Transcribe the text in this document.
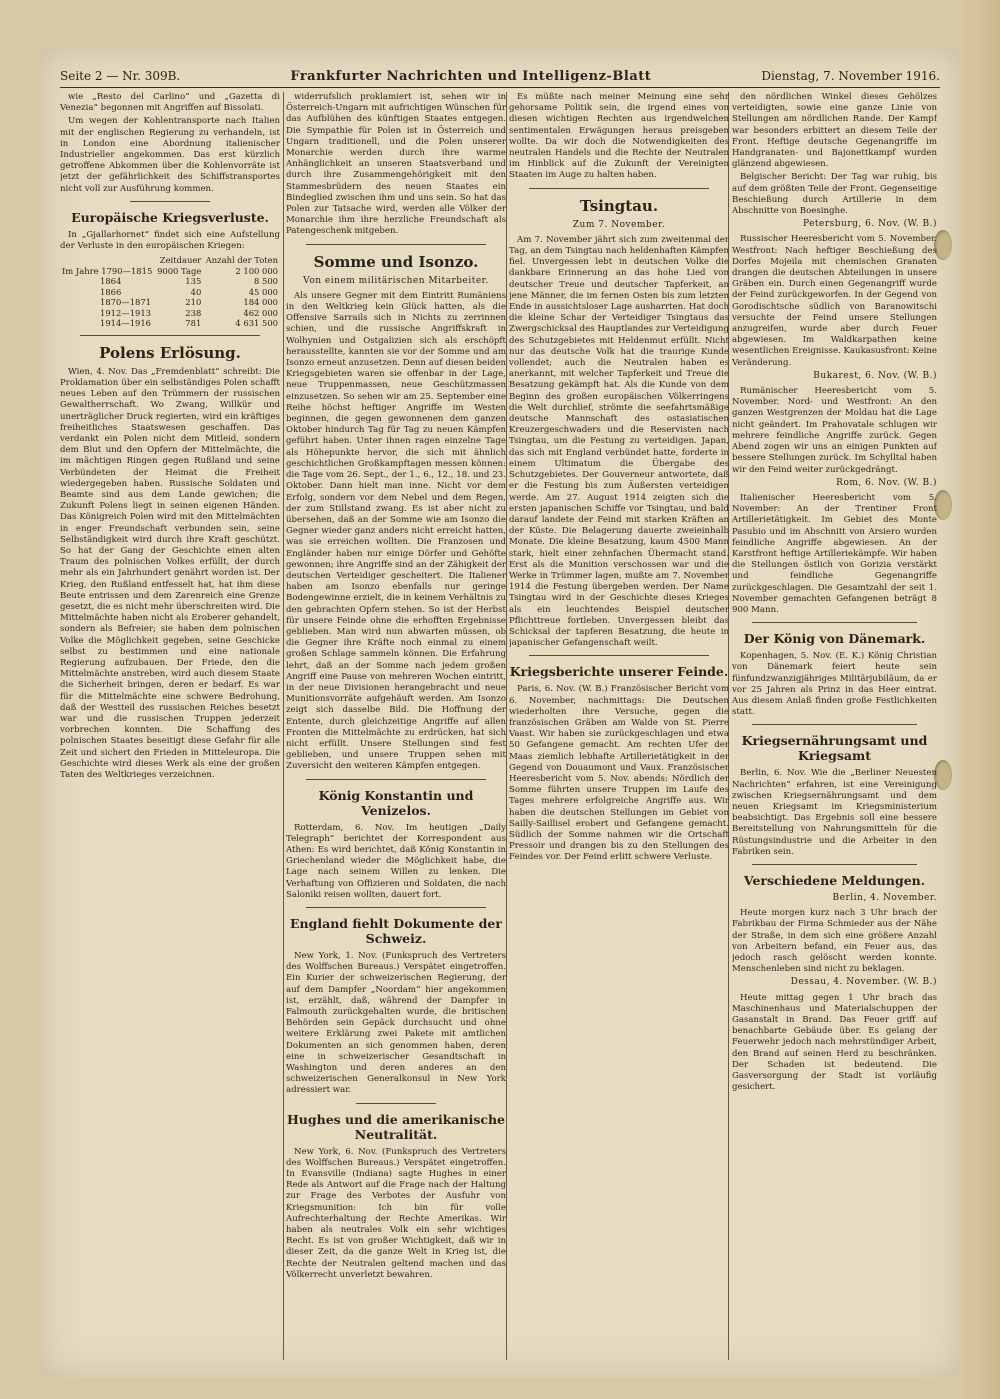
Seite 2 — Nr. 309B.	Frankfurter Nachrichten und Intelligenz-Blatt	Dienstag, 7. November 1916.

wie „Resto del Carlino“ und „Gazetta di Venezia“ begonnen mit Angriffen auf Bissolati.

Um wegen der Kohlentransporte nach Italien mit der englischen Regierung zu verhandeln, ist in London eine Abordnung italienischer Industrieller angekommen. Das erst kürzlich getroffene Abkommen über die Kohlenvorräte ist jetzt der gefährlichkeit des Schiffstransportes nicht voll zur Ausführung kommen.

Europäische Kriegsverluste.

In „Gjallarhornet“ findet sich eine Aufstellung der Verluste in den europäischen Kriegen:

	Zeitdauer	Anzahl der Toten
Im Jahre 1790—1815	9000 Tage	2 100 000
1864	135	8 500
1866	40	45 000
1870—1871	210	184 000
1912—1913	238	462 000
1914—1916	781	4 631 500
Polens Erlösung.

Wien, 4. Nov. Das „Fremdenblatt“ schreibt: Die Proklamation über ein selbständiges Polen schafft neues Leben auf den Trümmern der russischen Gewaltherrschaft. Wo Zwang, Willkür und unerträglicher Druck regierten, wird ein kräftiges freiheitliches Staatswesen geschaffen. Das verdankt ein Polen nicht dem Mitleid, sondern dem Blut und den Opfern der Mittelmächte, die im mächtigen Ringen gegen Rußland und seine Verbündeten der Heimat die Freiheit wiedergegeben haben. Russische Soldaten und Beamte sind aus dem Lande gewichen; die Zukunft Polens liegt in seinen eigenen Händen. Das Königreich Polen wird mit den Mittelmächten in enger Freundschaft verbunden sein, seine Selbständigkeit wird durch ihre Kraft geschützt. So hat der Gang der Geschichte einen alten Traum des polnischen Volkes erfüllt, der durch mehr als ein Jahrhundert genährt worden ist. Der Krieg, den Rußland entfesselt hat, hat ihm diese Beute entrissen und dem Zarenreich eine Grenze gesetzt, die es nicht mehr überschreiten wird. Die Mittelmächte haben nicht als Eroberer gehandelt, sondern als Befreier; sie haben dem polnischen Volke die Möglichkeit gegeben, seine Geschicke selbst zu bestimmen und eine nationale Regierung aufzubauen. Der Friede, den die Mittelmächte anstreben, wird auch diesem Staate die Sicherheit bringen, deren er bedarf. Es war für die Mittelmächte eine schwere Bedrohung, daß der Westteil des russischen Reiches besetzt war und die russischen Truppen jederzeit vorbrechen konnten. Die Schaffung des polnischen Staates beseitigt diese Gefahr für alle Zeit und sichert den Frieden in Mitteleuropa. Die Geschichte wird dieses Werk als eine der großen Taten des Weltkrieges verzeichnen.

widerrufslich proklamiert ist, sehen wir in Österreich-Ungarn mit aufrichtigen Wünschen für das Aufblühen des künftigen Staates entgegen. Die Sympathie für Polen ist in Österreich und Ungarn traditionell, und die Polen unserer Monarchie werden durch ihre warme Anhänglichkeit an unseren Staatsverband und durch ihre Zusammengehörigkeit mit den Stammesbrüdern des neuen Staates ein Bindeglied zwischen ihm und uns sein. So hat das Polen zur Tatsache wird, werden alle Völker der Monarchie ihm ihre herzliche Freundschaft als Patengeschenk mitgeben.

Somme und Isonzo.
Von einem militärischen Mitarbeiter.

Als unsere Gegner mit dem Eintritt Rumäniens in den Weltkrieg kein Glück hatten, als die Offensive Sarrails sich in Nichts zu zerrinnen schien, und die russische Angriffskraft in Wolhynien und Ostgalizien sich als erschöpft herausstellte, kannten sie vor der Somme und am Isonzo erneut anzusetzen. Denn auf diesen beiden Kriegsgebieten waren sie offenbar in der Lage, neue Truppenmassen, neue Geschützmassen einzusetzen. So sehen wir am 25. September eine Reihe höchst heftiger Angriffe im Westen beginnen, die gegen gewonnenen dem ganzen Oktober hindurch Tag für Tag zu neuen Kämpfen geführt haben. Unter ihnen ragen einzelne Tage als Höhepunkte hervor, die sich mit ähnlich geschichtlichen Großkampftagen messen können: die Tage vom 26. Sept., der 1., 6., 12., 18. und 23. Oktober. Dann hielt man inne. Nicht vor dem Erfolg, sondern vor dem Nebel und dem Regen, der zum Stillstand zwang. Es ist aber nicht zu übersehen, daß an der Somme wie am Isonzo die Gegner wieder ganz anders nicht erreicht hatten, was sie erreichen wollten. Die Franzosen und Engländer haben nur einige Dörfer und Gehöfte gewonnen; ihre Angriffe sind an der Zähigkeit der deutschen Verteidiger gescheitert. Die Italiener haben am Isonzo ebenfalls nur geringe Bodengewinne erzielt, die in keinem Verhältnis zu den gebrachten Opfern stehen. So ist der Herbst für unsere Feinde ohne die erhofften Ergebnisse geblieben. Man wird nun abwarten müssen, ob die Gegner ihre Kräfte noch einmal zu einem großen Schlage sammeln können. Die Erfahrung lehrt, daß an der Somme nach jedem großen Angriff eine Pause von mehreren Wochen eintritt, in der neue Divisionen herangebracht und neue Munitionsvorräte aufgehäuft werden. Am Isonzo zeigt sich dasselbe Bild. Die Hoffnung der Entente, durch gleichzeitige Angriffe auf allen Fronten die Mittelmächte zu erdrücken, hat sich nicht erfüllt. Unsere Stellungen sind fest geblieben, und unsere Truppen sehen mit Zuversicht den weiteren Kämpfen entgegen.

König Konstantin und Venizelos.

Rotterdam, 6. Nov. Im heutigen „Daily Telegraph“ berichtet der Korrespondent aus Athen: Es wird berichtet, daß König Konstantin in Griechenland wieder die Möglichkeit habe, die Lage nach seinem Willen zu lenken. Die Verhaftung von Offizieren und Soldaten, die nach Saloniki reisen wollten, dauert fort.

England fiehlt Dokumente der Schweiz.

New York, 1. Nov. (Funkspruch des Vertreters des Wolffschen Bureaus.) Verspätet eingetroffen. Ein Kurier der schweizerischen Regierung, der auf dem Dampfer „Noordam“ hier angekommen ist, erzählt, daß, während der Dampfer in Falmouth zurückgehalten wurde, die britischen Behörden sein Gepäck durchsucht und ohne weitere Erklärung zwei Pakete mit amtlichen Dokumenten an sich genommen haben, deren eine in schweizerischer Gesandtschaft in Washington und deren anderes an den schweizerischen Generalkonsul in New York adressiert war.

Hughes und die amerikanische Neutralität.

New York, 6. Nov. (Funkspruch des Vertreters des Wolffschen Bureaus.) Verspätet eingetroffen. In Evansville (Indiana) sagte Hughes in einer Rede als Antwort auf die Frage nach der Haltung zur Frage des Verbotes der Ausfuhr von Kriegsmunition: Ich bin für volle Aufrechterhaltung der Rechte Amerikas. Wir haben als neutrales Volk ein sehr wichtiges Recht. Es ist von großer Wichtigkeit, daß wir in dieser Zeit, da die ganze Welt in Krieg ist, die Rechte der Neutralen geltend machen und das Völkerrecht unverletzt bewahren.

Es müßte nach meiner Meinung eine sehr gehorsame Politik sein, die irgend eines von diesen wichtigen Rechten aus irgendwelchen sentimentalen Erwägungen heraus preisgeben wollte. Da wir doch die Notwendigkeiten des neutralen Handels und die Rechte der Neutralen im Hinblick auf die Zukunft der Vereinigten Staaten im Auge zu halten haben.

Tsingtau.
Zum 7. November.

Am 7. November jährt sich zum zweitenmal der Tag, an dem Tsingtau nach heldenhaften Kämpfen fiel. Unvergessen lebt in deutschen Volke die dankbare Erinnerung an das hohe Lied von deutscher Treue und deutscher Tapferkeit, an jene Männer, die im fernen Osten bis zum letzten Ende in aussichtsloser Lage ausharrten. Hat doch die kleine Schar der Verteidiger Tsingtaus das Zwergschicksal des Hauptlandes zur Verteidigung des Schutzgebietes mit Heldenmut erfüllt. Nicht nur das deutsche Volk hat die traurige Kunde vollendet; auch die Neutralen haben es anerkannt, mit welcher Tapferkeit und Treue die Besatzung gekämpft hat. Als die Kunde von dem Beginn des großen europäischen Völkerringens die Welt durchlief, strömte die seefahrtsmäßige deutsche Mannschaft des ostasiatischen Kreuzergeschwaders und die Reservisten nach Tsingtau, um die Festung zu verteidigen. Japan, das sich mit England verbündet hatte, forderte in einem Ultimatum die Übergabe des Schutzgebietes. Der Gouverneur antwortete, daß er die Festung bis zum Äußersten verteidigen werde. Am 27. August 1914 zeigten sich die ersten japanischen Schiffe vor Tsingtau, und bald darauf landete der Feind mit starken Kräften an der Küste. Die Belagerung dauerte zweieinhalb Monate. Die kleine Besatzung, kaum 4500 Mann stark, hielt einer zehnfachen Übermacht stand. Erst als die Munition verschossen war und die Werke in Trümmer lagen, mußte am 7. November 1914 die Festung übergeben werden. Der Name Tsingtau wird in der Geschichte dieses Krieges als ein leuchtendes Beispiel deutscher Pflichttreue fortleben. Unvergessen bleibt das Schicksal der tapferen Besatzung, die heute in japanischer Gefangenschaft weilt.

Kriegsberichte unserer Feinde.

Paris, 6. Nov. (W. B.) Französischer Bericht vom 6. November, nachmittags: Die Deutschen wiederholten ihre Versuche, gegen die französischen Gräben am Walde von St. Pierre Vaast. Wir haben sie zurückgeschlagen und etwa 50 Gefangene gemacht. Am rechten Ufer der Maas ziemlich lebhafte Artillerietätigkeit in der Gegend von Douaumont und Vaux. Französischer Heeresbericht vom 5. Nov. abends: Nördlich der Somme führten unsere Truppen im Laufe des Tages mehrere erfolgreiche Angriffe aus. Wir haben die deutschen Stellungen im Gebiet von Sailly-Saillisel erobert und Gefangene gemacht. Südlich der Somme nahmen wir die Ortschaft Pressoir und drangen bis zu den Stellungen des Feindes vor. Der Feind erlitt schwere Verluste.

den nördlichen Winkel dieses Gehölzes verteidigten, sowie eine ganze Linie von Stellungen am nördlichen Rande. Der Kampf war besonders erbittert an diesem Teile der Front. Heftige deutsche Gegenangriffe im Handgranaten- und Bajonettkampf wurden glänzend abgewiesen.

Belgischer Bericht: Der Tag war ruhig, bis auf dem größten Teile der Front. Gegenseitige Beschießung durch Artillerie in dem Abschnitte von Boesinghe.

Petersburg, 6. Nov. (W. B.)

Russischer Heeresbericht vom 5. November. Westfront: Nach heftiger Beschießung des Dorfes Mojeila mit chemischen Granaten drangen die deutschen Abteilungen in unsere Gräben ein. Durch einen Gegenangriff wurde der Feind zurückgeworfen. In der Gegend von Gorodischtsche südlich von Baranowitschi versuchte der Feind unsere Stellungen anzugreifen, wurde aber durch Feuer abgewiesen. Im Waldkarpathen keine wesentlichen Ereignisse. Kaukasusfront: Keine Veränderung.

Bukarest, 6. Nov. (W. B.)

Rumänischer Heeresbericht vom 5. November. Nord- und Westfront: An den ganzen Westgrenzen der Moldau hat die Lage nicht geändert. Im Prahovatale schlugen wir mehrere feindliche Angriffe zurück. Gegen Abend zogen wir uns an einigen Punkten auf bessere Stellungen zurück. Im Schylltal haben wir den Feind weiter zurückgedrängt.

Rom, 6. Nov. (W. B.)

Italienischer Heeresbericht vom 5. November: An der Trentiner Front Artillerietätigkeit. Im Gebiet des Monte Pasubio und im Abschnitt von Arsiero wurden feindliche Angriffe abgewiesen. An der Karstfront heftige Artilleriekämpfe. Wir haben die Stellungen östlich von Gorizia verstärkt und feindliche Gegenangriffe zurückgeschlagen. Die Gesamtzahl der seit 1. November gemachten Gefangenen beträgt 8 900 Mann.

Der König von Dänemark.

Kopenhagen, 5. Nov. (E. K.) König Christian von Dänemark feiert heute sein fünfundzwanzigjähriges Militärjubiläum, da er vor 25 Jahren als Prinz in das Heer eintrat. Aus diesem Anlaß finden große Festlichkeiten statt.

Kriegsernährungsamt und Kriegsamt

Berlin, 6. Nov. Wie die „Berliner Neuesten Nachrichten“ erfahren, ist eine Vereinigung zwischen Kriegsernährungsamt und dem neuen Kriegsamt im Kriegsministerium beabsichtigt. Das Ergebnis soll eine bessere Bereitstellung von Nahrungsmitteln für die Rüstungsindustrie und die Arbeiter in den Fabriken sein.

Verschiedene Meldungen.
Berlin, 4. November.

Heute morgen kurz nach 3 Uhr brach der Fabrikbau der Firma Schmieder aus der Nähe der Straße, in dem sich eine größere Anzahl von Arbeitern befand, ein Feuer aus, das jedoch rasch gelöscht werden konnte. Menschenleben sind nicht zu beklagen.

Dessau, 4. November. (W. B.)

Heute mittag gegen 1 Uhr brach das Maschinenhaus und Materialschuppen der Gasanstalt in Brand. Das Feuer griff auf benachbarte Gebäude über. Es gelang der Feuerwehr jedoch nach mehrstündiger Arbeit, den Brand auf seinen Herd zu beschränken. Der Schaden ist bedeutend. Die Gasversorgung der Stadt ist vorläufig gesichert.
